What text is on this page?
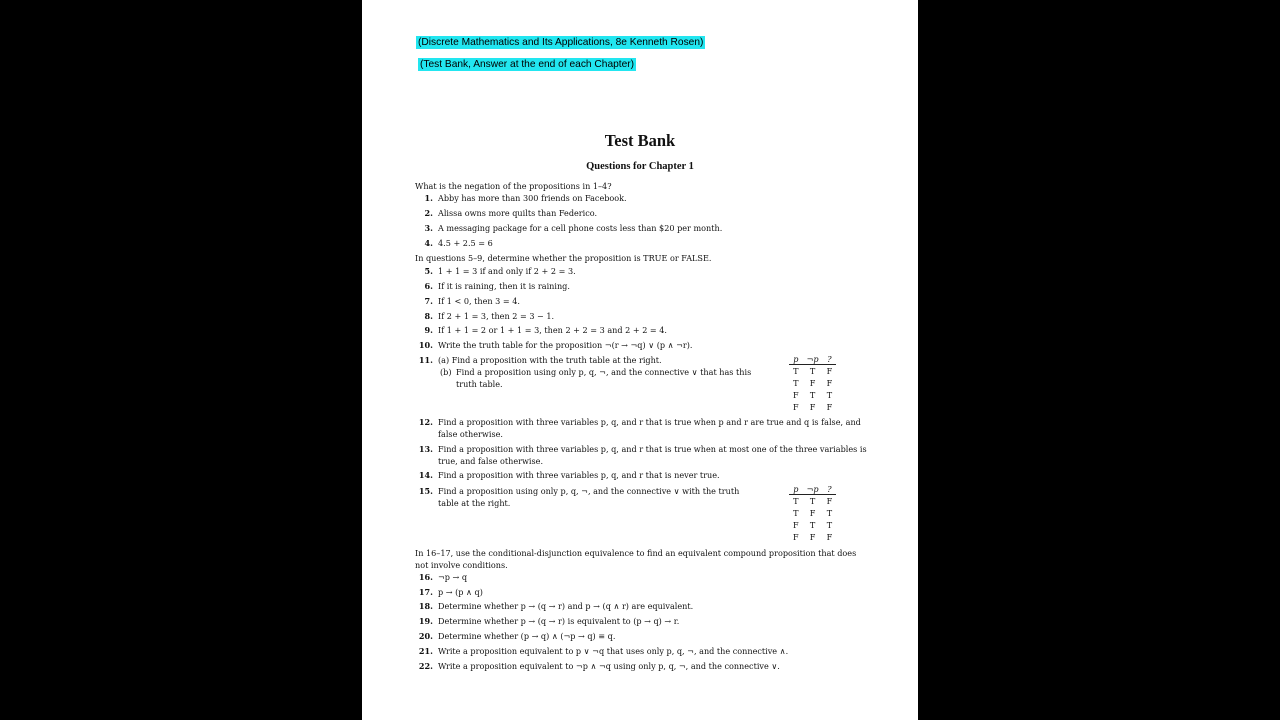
(Discrete Mathematics and Its Applications, 8e Kenneth Rosen)
(Test Bank, Answer at the end of each Chapter)
Test Bank
Questions for Chapter 1
What is the negation of the propositions in 1–4?
1. Abby has more than 300 friends on Facebook.
2. Alissa owns more quilts than Federico.
3. A messaging package for a cell phone costs less than $20 per month.
4. 4.5 + 2.5 = 6
In questions 5–9, determine whether the proposition is TRUE or FALSE.
5. 1 + 1 = 3 if and only if 2 + 2 = 3.
6. If it is raining, then it is raining.
7. If 1 < 0, then 3 = 4.
8. If 2 + 1 = 3, then 2 = 3 − 1.
9. If 1 + 1 = 2 or 1 + 1 = 3, then 2 + 2 = 3 and 2 + 2 = 4.
10. Write the truth table for the proposition ¬(r → ¬q) ∨ (p ∧ ¬r).
11. (a) Find a proposition with the truth table at the right.
(b) Find a proposition using only p, q, ¬, and the connective ∨ that has this truth table.
p	¬p	?
T	T	F
T	F	F
F	T	T
F	F	F
12. Find a proposition with three variables p, q, and r that is true when p and r are true and q is false, and false otherwise.
13. Find a proposition with three variables p, q, and r that is true when at most one of the three variables is true, and false otherwise.
14. Find a proposition with three variables p, q, and r that is never true.
15. Find a proposition using only p, q, ¬, and the connective ∨ with the truth table at the right.
p	¬p	?
T	T	F
T	F	T
F	T	T
F	F	F
In 16–17, use the conditional-disjunction equivalence to find an equivalent compound proposition that does not involve conditions.
16. ¬p → q
17. p → (p ∧ q)
18. Determine whether p → (q → r) and p → (q ∧ r) are equivalent.
19. Determine whether p → (q → r) is equivalent to (p → q) → r.
20. Determine whether (p → q) ∧ (¬p → q) ≡ q.
21. Write a proposition equivalent to p ∨ ¬q that uses only p, q, ¬, and the connective ∧.
22. Write a proposition equivalent to ¬p ∧ ¬q using only p, q, ¬, and the connective ∨.
